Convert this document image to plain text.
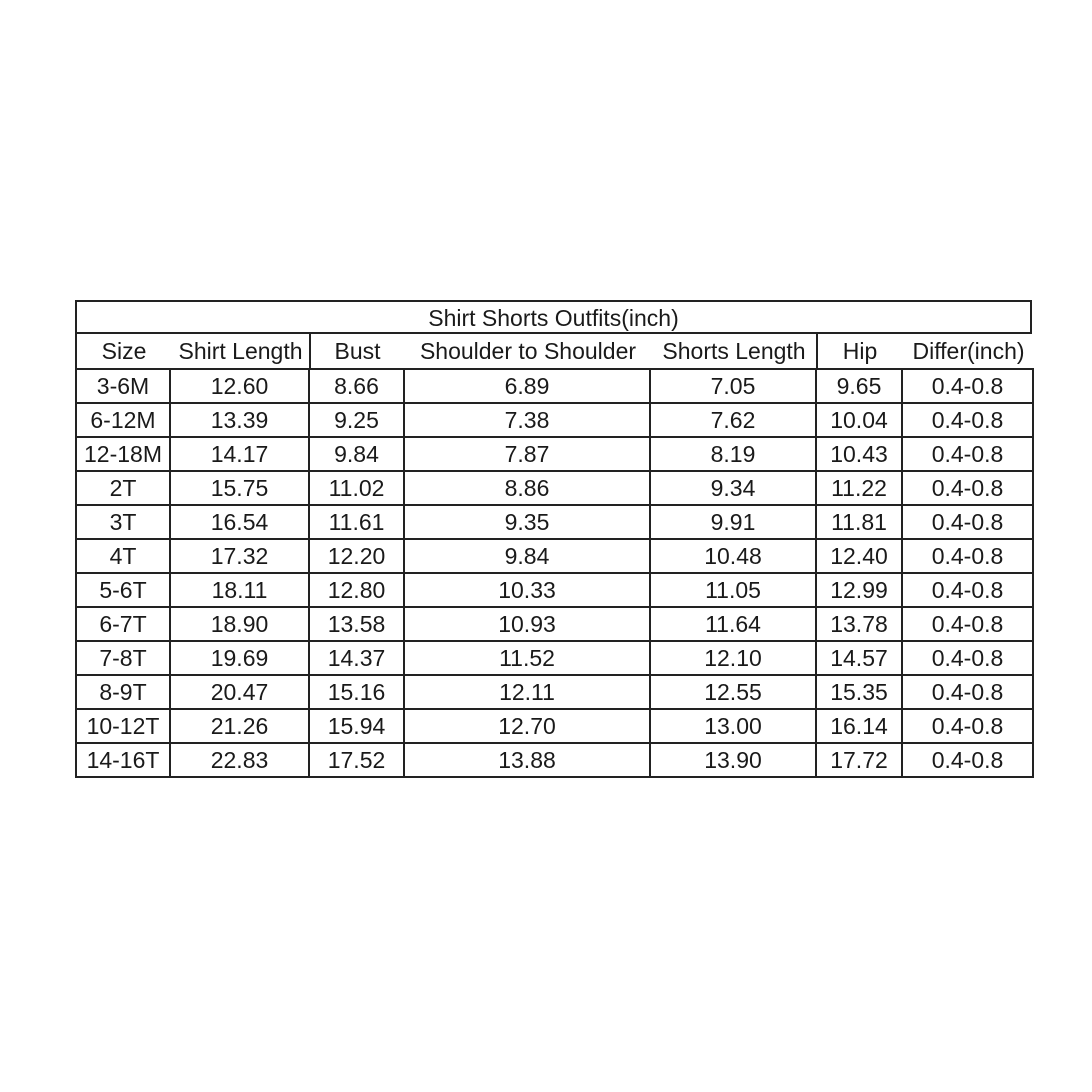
Shirt Shorts Outfits(inch)
Size	Shirt Length	Bust	Shoulder to Shoulder	Shorts Length	Hip	Differ(inch)
3-6M	12.60	8.66	6.89	7.05	9.65	0.4-0.8
6-12M	13.39	9.25	7.38	7.62	10.04	0.4-0.8
12-18M	14.17	9.84	7.87	8.19	10.43	0.4-0.8
2T	15.75	11.02	8.86	9.34	11.22	0.4-0.8
3T	16.54	11.61	9.35	9.91	11.81	0.4-0.8
4T	17.32	12.20	9.84	10.48	12.40	0.4-0.8
5-6T	18.11	12.80	10.33	11.05	12.99	0.4-0.8
6-7T	18.90	13.58	10.93	11.64	13.78	0.4-0.8
7-8T	19.69	14.37	11.52	12.10	14.57	0.4-0.8
8-9T	20.47	15.16	12.11	12.55	15.35	0.4-0.8
10-12T	21.26	15.94	12.70	13.00	16.14	0.4-0.8
14-16T	22.83	17.52	13.88	13.90	17.72	0.4-0.8
